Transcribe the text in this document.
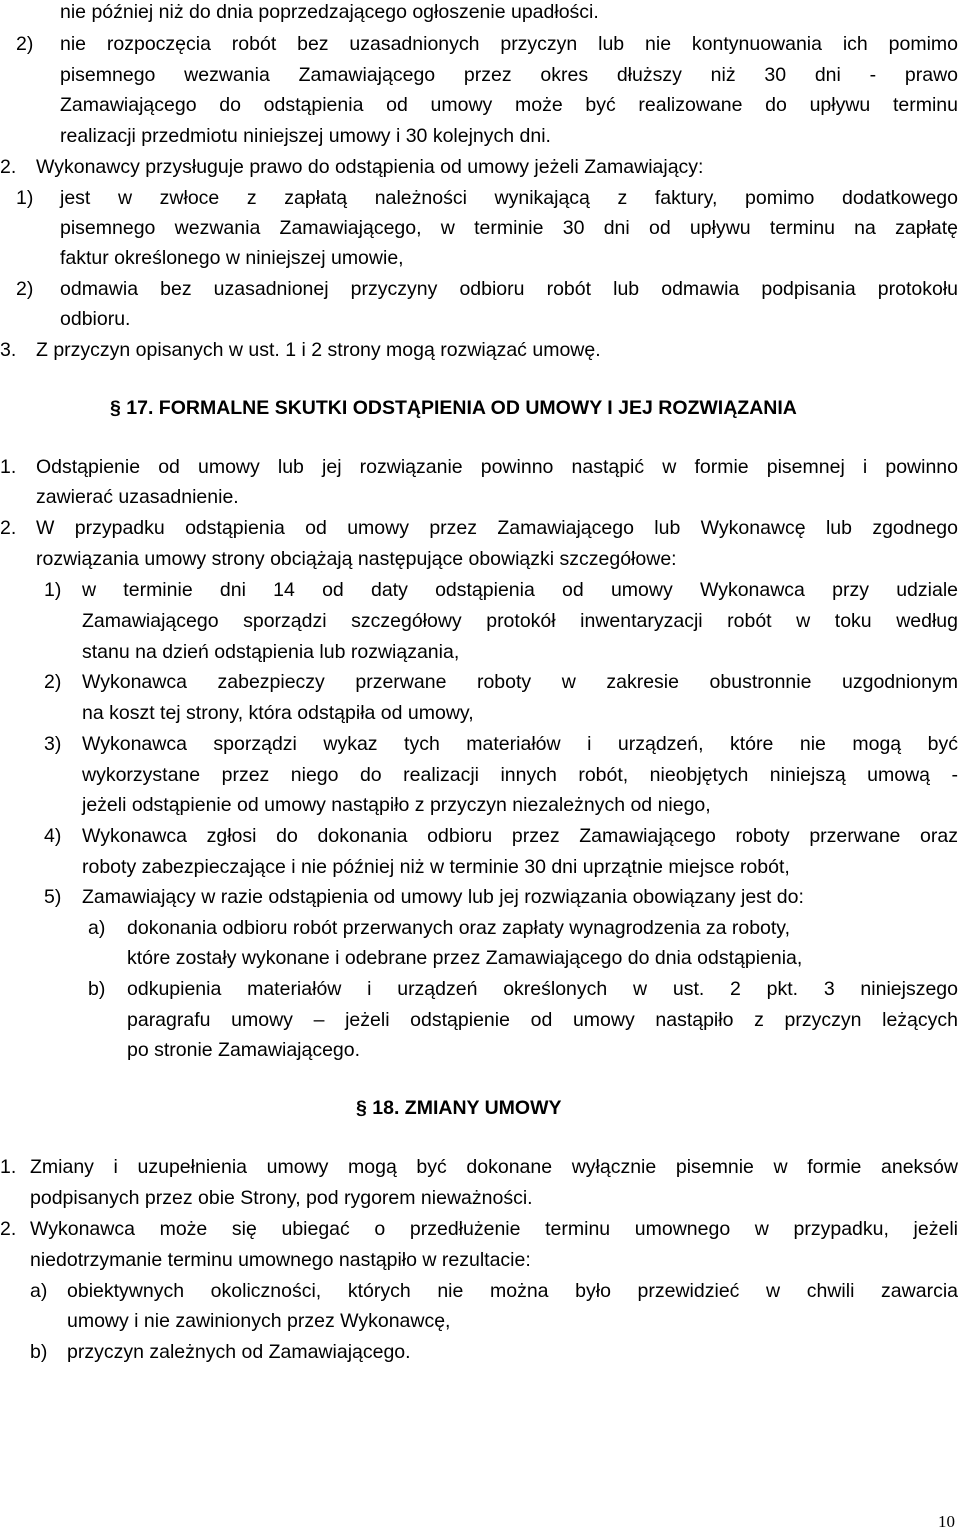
nie później niż do dnia poprzedzającego ogłoszenie upadłości.
2) nie rozpoczęcia robót bez uzasadnionych przyczyn lub nie kontynuowania ich pomimo
pisemnego wezwania Zamawiającego przez okres dłuższy niż 30 dni - prawo
Zamawiającego do odstąpienia od umowy może być realizowane do upływu terminu
realizacji przedmiotu niniejszej umowy i 30 kolejnych dni.
2. Wykonawcy przysługuje prawo do odstąpienia od umowy jeżeli Zamawiający:
1) jest w zwłoce z zapłatą należności wynikającą z faktury, pomimo dodatkowego
pisemnego wezwania Zamawiającego, w terminie 30 dni od upływu terminu na zapłatę
faktur określonego w niniejszej umowie,
2) odmawia bez uzasadnionej przyczyny odbioru robót lub odmawia podpisania protokołu
odbioru.
3. Z przyczyn opisanych w ust. 1 i 2 strony mogą rozwiązać umowę.
§ 17. FORMALNE SKUTKI ODSTĄPIENIA OD UMOWY I JEJ ROZWIĄZANIA
1. Odstąpienie od umowy lub jej rozwiązanie powinno nastąpić w formie pisemnej i powinno
zawierać uzasadnienie.
2. W przypadku odstąpienia od umowy przez Zamawiającego lub Wykonawcę lub zgodnego
rozwiązania umowy strony obciążają następujące obowiązki szczegółowe:
1) w terminie dni 14 od daty odstąpienia od umowy Wykonawca przy udziale
Zamawiającego sporządzi szczegółowy protokół inwentaryzacji robót w toku według
stanu na dzień odstąpienia lub rozwiązania,
2) Wykonawca zabezpieczy przerwane roboty w zakresie obustronnie uzgodnionym
na koszt tej strony, która odstąpiła od umowy,
3) Wykonawca sporządzi wykaz tych materiałów i urządzeń, które nie mogą być
wykorzystane przez niego do realizacji innych robót, nieobjętych niniejszą umową -
jeżeli odstąpienie od umowy nastąpiło z przyczyn niezależnych od niego,
4) Wykonawca zgłosi do dokonania odbioru przez Zamawiającego roboty przerwane oraz
roboty zabezpieczające i nie później niż w terminie 30 dni uprzątnie miejsce robót,
5) Zamawiający w razie odstąpienia od umowy lub jej rozwiązania obowiązany jest do:
a) dokonania odbioru robót przerwanych oraz zapłaty wynagrodzenia za roboty,
które zostały wykonane i odebrane przez Zamawiającego do dnia odstąpienia,
b) odkupienia materiałów i urządzeń określonych w ust. 2 pkt. 3 niniejszego
paragrafu umowy – jeżeli odstąpienie od umowy nastąpiło z przyczyn leżących
po stronie Zamawiającego.
§ 18. ZMIANY UMOWY
1. Zmiany i uzupełnienia umowy mogą być dokonane wyłącznie pisemnie w formie aneksów
podpisanych przez obie Strony, pod rygorem nieważności.
2. Wykonawca może się ubiegać o przedłużenie terminu umownego w przypadku, jeżeli
niedotrzymanie terminu umownego nastąpiło w rezultacie:
a) obiektywnych okoliczności, których nie można było przewidzieć w chwili zawarcia
umowy i nie zawinionych przez Wykonawcę,
b) przyczyn zależnych od Zamawiającego.
10
